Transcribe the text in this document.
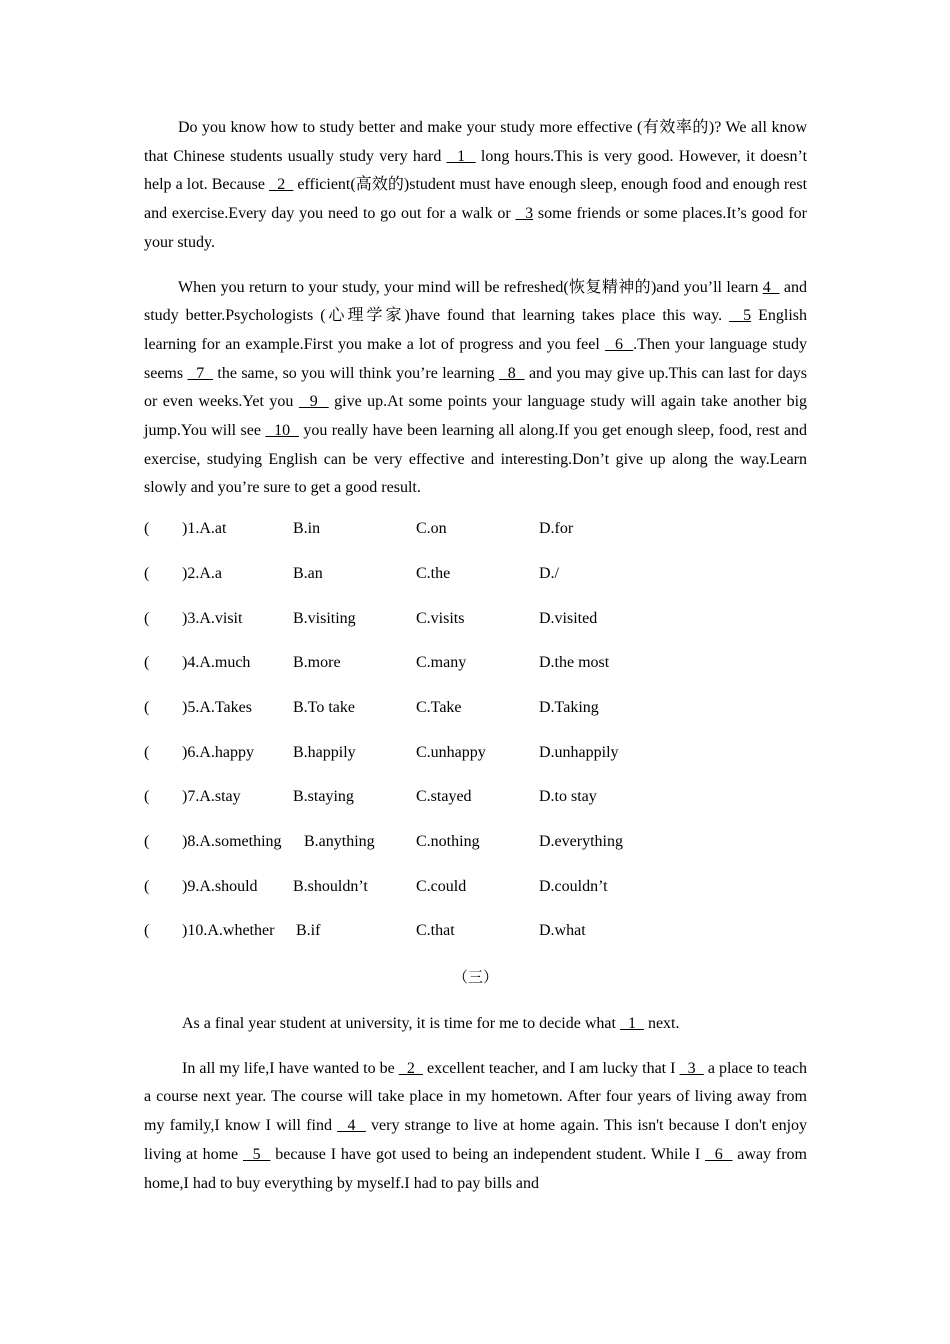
Do you know how to study better and make your study more effective (有效率的)? We all know that Chinese students usually study very hard   1   long hours.This is very good. However, it doesn’t help a lot. Because   2   efficient(高效的)student must have enough sleep, enough food and enough rest and exercise.Every day you need to go out for a walk or   3 some friends or some places.It’s good for your study.

When you return to your study, your mind will be refreshed(恢复精神的)and you’ll learn 4   and study better.Psychologists (心理学家)have found that learning takes place this way.   5 English learning for an example.First you make a lot of progress and you feel   6  .Then your language study seems   7   the same, so you will think you’re learning   8   and you may give up.This can last for days or even weeks.Yet you   9   give up.At some points your language study will again take another big jump.You will see   10   you really have been learning all along.If you get enough sleep, food, rest and exercise, studying English can be very effective and interesting.Don’t give up along the way.Learn slowly and you’re sure to get a good result.

( )1.A.at	B.in	C.on	D.for
( )2.A.a	B.an	C.the	D./
( )3.A.visit	B.visiting	C.visits	D.visited
( )4.A.much	B.more	C.many	D.the most
( )5.A.Takes	B.To take	C.Take	D.Taking
( )6.A.happy B.happily	C.unhappy	D.unhappily
( )7.A.stay	B.staying	C.stayed	D.to stay
( )8.A.something B.anything	C.nothing	D.everything
( )9.A.should B.shouldn’t	C.could	D.couldn’t
( )10.A.whether B.if	C.that	D.what
（三）

As a final year student at university, it is time for me to decide what   1   next.

In all my life,I have wanted to be   2   excellent teacher, and I am lucky that I   3   a place to teach a course next year. The course will take place in my hometown. After four years of living away from my family,I know I will find   4   very strange to live at home again. This isn't because I don't enjoy living at home   5   because I have got used to being an independent student. While I   6   away from home,I had to buy everything by myself.I had to pay bills and
